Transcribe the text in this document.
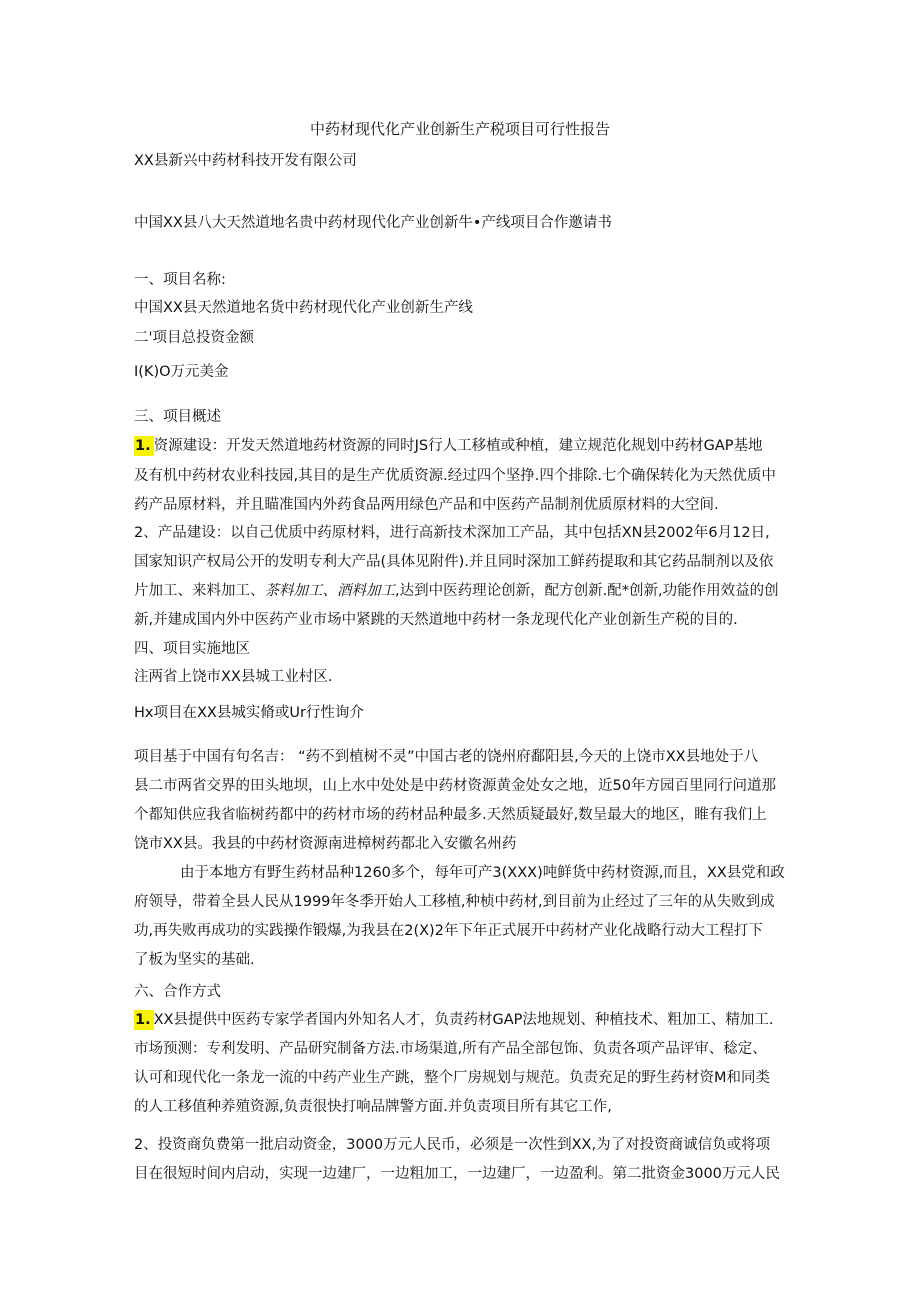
中药材现代化产业创新生产税项目可行性报告
XX县新兴中药材科技开发有限公司
中国XX县八大天然道地名贵中药材现代化产业创新牛•产线项目合作邀请书
一、项目名称:
中国XX县天然道地名货中药材现代化产业创新生产线
二'项目总投资金额
I(K)O万元美金
三、项目概述
1. 资源建设：开发天然道地药材资源的同时JS行人工移植或种植，建立规范化规划中药材GAP基地
及有机中药材农业科技园,其目的是生产优质资源.经过四个坚挣.四个排除.七个确保转化为天然优质中
药产品原材料，并且瞄准国内外药食品两用绿色产品和中医药产品制剂优质原材料的大空间.
2、产品建设：以自己优质中药原材料，进行高新技术深加工产品，其中包括XN县2002年6月12日,
国家知识产权局公开的发明专利大产品(具体见附件).并且同时深加工鲜药提取和其它药品制剂以及依
片加工、来料加工、茶料加工、酒料加工,达到中医药理论创新，配方创新.配*创新,功能作用效益的创
新,并建成国内外中医药产业市场中紧跳的天然道地中药材一条龙现代化产业创新生产税的目的.
四、项目实施地区
注两省上饶市XX县城工业村区.
Hx项目在XX县城实脩或Ur行性询介
项目基于中国有句名吉： “药不到植树不灵”中国古老的饶州府鄱阳县,今天的上饶市XX县地处于八
县二市两省交界的田头地坝，山上水中处处是中药材资源黄金处女之地，近50年方园百里同行问道那
个都知供应我省临树药都中的药材市场的药材品种最多.天然质疑最好,数呈最大的地区，睢有我们上
饶市XX县。我县的中药材资源南进樟树药都北入安徽名州药
由于本地方有野生药材品种1260多个，每年可产3(XXX)吨鲜货中药材资源,而且，XX县党和政
府领导，带着全县人民从1999年冬季开始人工移植,种桢中药材,到目前为止经过了三年的从失败到成
功,再失败再成功的实践操作锻爆,为我县在2(X)2年下年正式展开中药材产业化战略行动大工程打下
了板为坚实的基础.
六、合作方式
1. XX县提供中医药专家学者国内外知名人才，负责药材GAP法地规划、种植技术、粗加工、精加工.
市场预测：专利发明、产品研究制备方法.市场渠道,所有产品全部包饰、负责各项产品评审、稔定、
认可和现代化一条龙一流的中药产业生产跳，整个厂房规划与规范。负责充足的野生药材资M和同类
的人工移值种养殖资源,负责很快打响品牌警方面.并负责项目所有其它工作,
2、投资商负费第一批启动资金，3000万元人民币，必须是一次性到XX,为了对投资商诚信负或将项
目在很短时间内启动，实现一边建厂，一边粗加工，一边建厂，一边盈利。第二批资金3000万元人民
